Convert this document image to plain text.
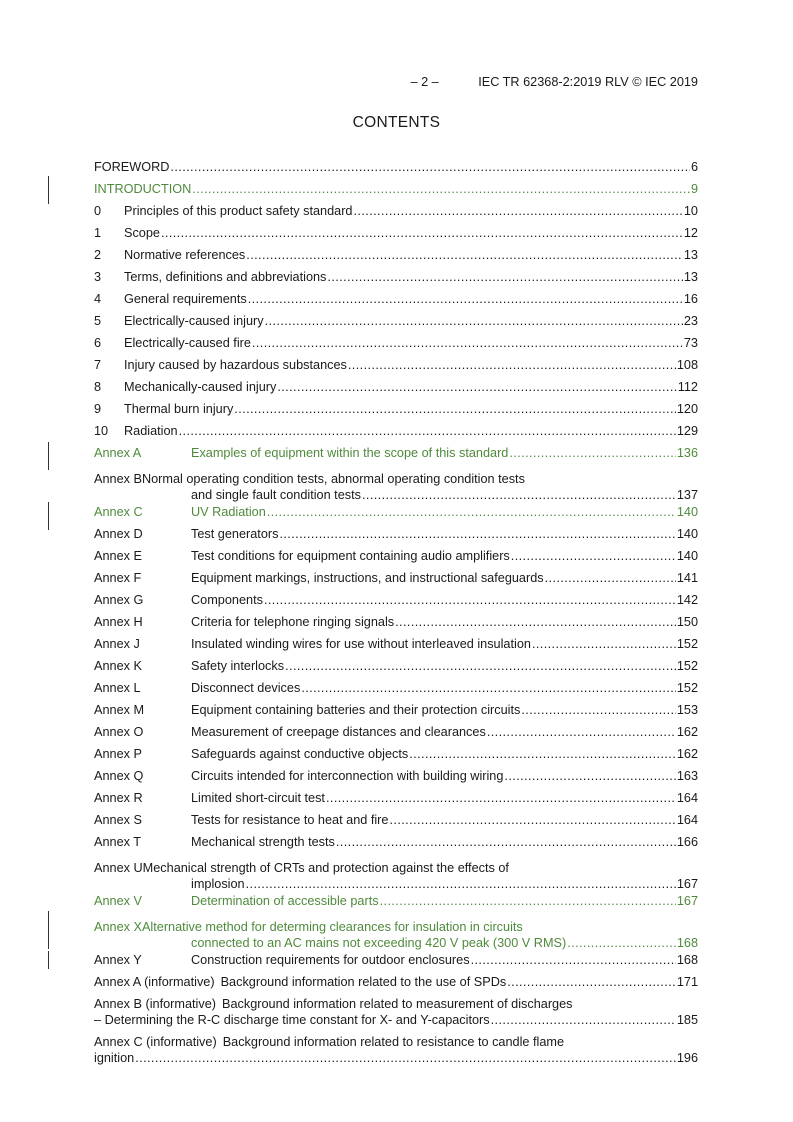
– 2 –	IEC TR 62368-2:2019 RLV © IEC 2019
CONTENTS
FOREWORD .....	6
INTRODUCTION .....	9
0	Principles of this product safety standard .....	10
1	Scope .....	12
2	Normative references .....	13
3	Terms, definitions and abbreviations .....	13
4	General requirements .....	16
5	Electrically-caused injury .....	23
6	Electrically-caused fire .....	73
7	Injury caused by hazardous substances .....	108
8	Mechanically-caused injury .....	112
9	Thermal burn injury .....	120
10	Radiation .....	129
Annex A	Examples of equipment within the scope of this standard .....	136
Annex BNormal operating condition tests, abnormal operating condition tests
and single fault condition tests .....	137
Annex C	UV Radiation .....	140
Annex D	Test generators .....	140
Annex E	Test conditions for equipment containing audio amplifiers .....	140
Annex F	Equipment markings, instructions, and instructional safeguards .....	141
Annex G	Components .....	142
Annex H	Criteria for telephone ringing signals .....	150
Annex J	Insulated winding wires for use without interleaved insulation .....	152
Annex K	Safety interlocks .....	152
Annex L	Disconnect devices .....	152
Annex M	Equipment containing batteries and their protection circuits .....	153
Annex O	Measurement of creepage distances and clearances .....	162
Annex P	Safeguards against conductive objects .....	162
Annex Q	Circuits intended for interconnection with building wiring .....	163
Annex R	Limited short-circuit test .....	164
Annex S	Tests for resistance to heat and fire .....	164
Annex T	Mechanical strength tests .....	166
Annex UMechanical strength of CRTs and protection against the effects of
implosion .....	167
Annex V	Determination of accessible parts .....	167
Annex XAlternative method for determing clearances for insulation in circuits
connected to an AC mains not exceeding 420 V peak (300 V RMS) .....	168
Annex Y	Construction requirements for outdoor enclosures .....	168
Annex A (informative) Background information related to the use of SPDs .....	171
Annex B (informative) Background information related to measurement of discharges
– Determining the R-C discharge time constant for X- and Y-capacitors .....	185
Annex C (informative) Background information related to resistance to candle flame
ignition .....	196
